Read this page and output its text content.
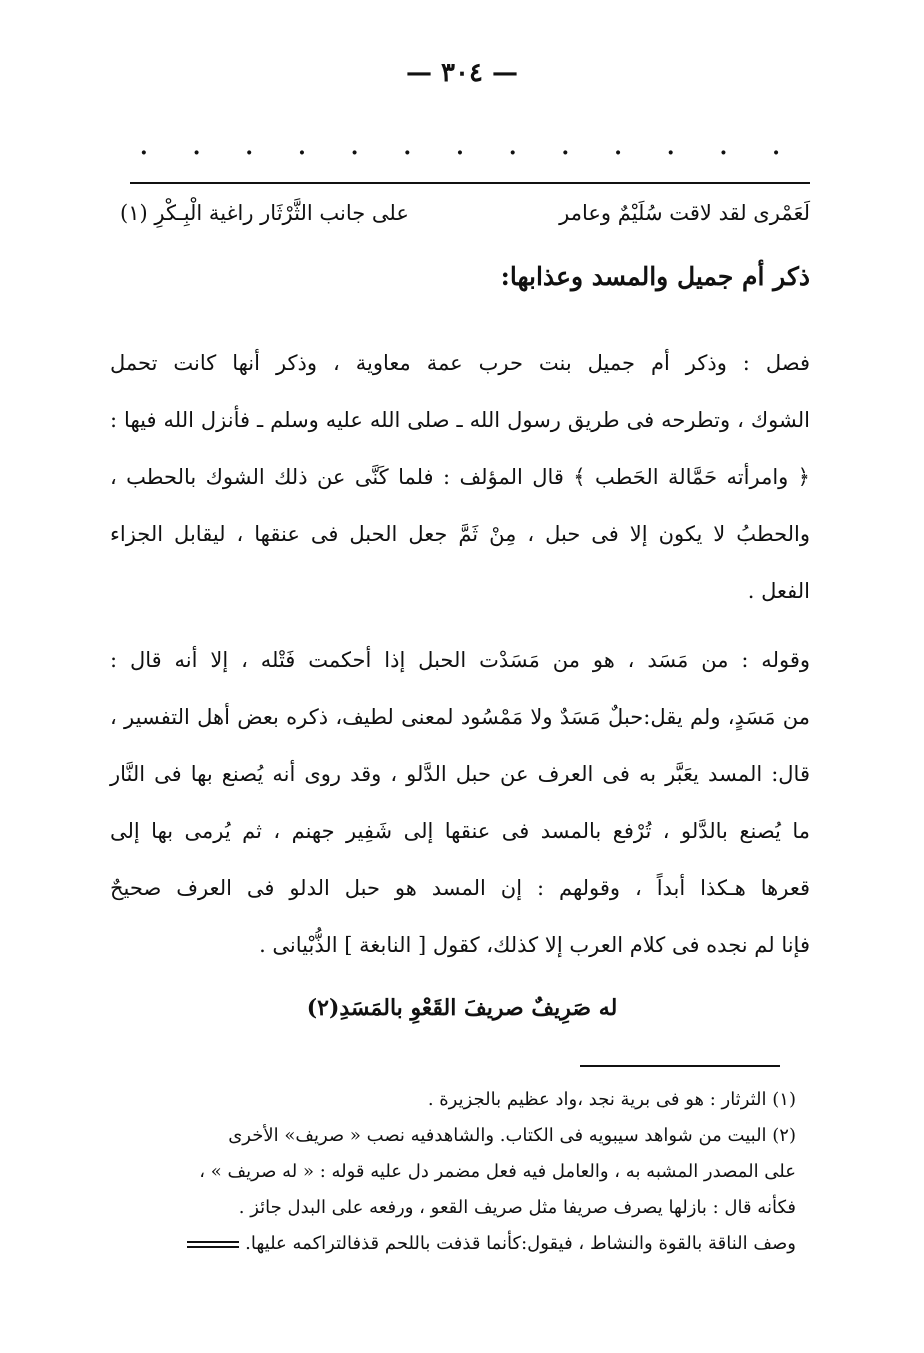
— ٣٠٤ —
· · · · · · · · · · · · ·
لَعَمْرى لقد لاقت سُلَيْمٌ وعامر
على جانب الثَّرْثَار راغية الْبِـكْرِ (١)
ذكر أم جميل والمسد وعذابها:
فصل : وذكر أم جميل بنت حرب عمة معاوية ، وذكر أنها كانت تحمل
الشوك ، وتطرحه فى طريق رسول الله ـ صلى الله عليه وسلم ـ فأنزل الله فيها :
﴿ وامرأته حَمَّالة الحَطب ﴾ قال المؤلف : فلما كَنَّى عن ذلك الشوك بالحطب ،
والحطبُ لا يكون إلا فى حبل ، مِنْ ثَمَّ جعل الحبل فى عنقها ، ليقابل الجزاء
الفعل .
وقوله : من مَسَد ، هو من مَسَدْت الحبل إذا أحكمت فَتْله ، إلا أنه قال :
من مَسَدٍ، ولم يقل:حبلٌ مَسَدٌ ولا مَمْسُود لمعنى لطيف، ذكره بعض أهل التفسير ،
قال: المسد يعَبَّر به فى العرف عن حبل الدَّلو ، وقد روى أنه يُصنع بها فى النَّار
ما يُصنع بالدَّلو ، تُرْفع بالمسد فى عنقها إلى شَفِير جهنم ، ثم يُرمى بها إلى
قعرها هـكذا أبداً ، وقولهم : إن المسد هو حبل الدلو فى العرف صحيحٌ
فإنا لم نجده فى كلام العرب إلا كذلك، كقول [ النابغة ] الذُّبْيانى .
له صَرِيفٌ صريفَ القَعْوِ بالمَسَدِ(٢)
(١) الثرثار : هو فى برية نجد ،واد عظيم بالجزيرة .
(٢) البيت من شواهد سيبويه فى الكتاب. والشاهدفيه نصب « صريف» الأخرى
على المصدر المشبه به ، والعامل فيه فعل مضمر دل عليه قوله : « له صريف » ،
فكأنه قال : بازلها يصرف صريفا مثل صريف القعو ، ورفعه على البدل جائز .
وصف الناقة بالقوة والنشاط ، فيقول:كأنما قذفت باللحم قذفالتراكمه عليها.
